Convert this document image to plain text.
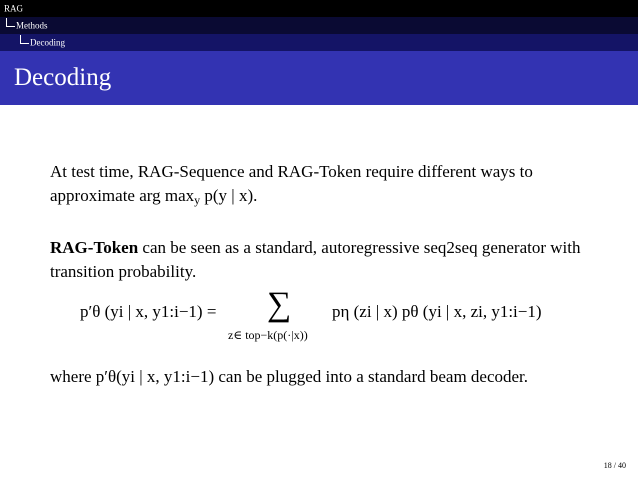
RAG
Methods
Decoding
Decoding

At test time, RAG-Sequence and RAG-Token require different ways to approximate arg $\max_y p(y$ | x).

RAG-Token can be seen as a standard, autoregressive seq2seq generator with transition probability.

p′θ (yi | x, y1:i−1) = ∑ pη (zi | x) pθ (yi | x, zi, y1:i−1)
z∈ top−k(p(·|x))
where p′θ(yi | x, y1:i−1) can be plugged into a standard beam decoder.
18 / 40
